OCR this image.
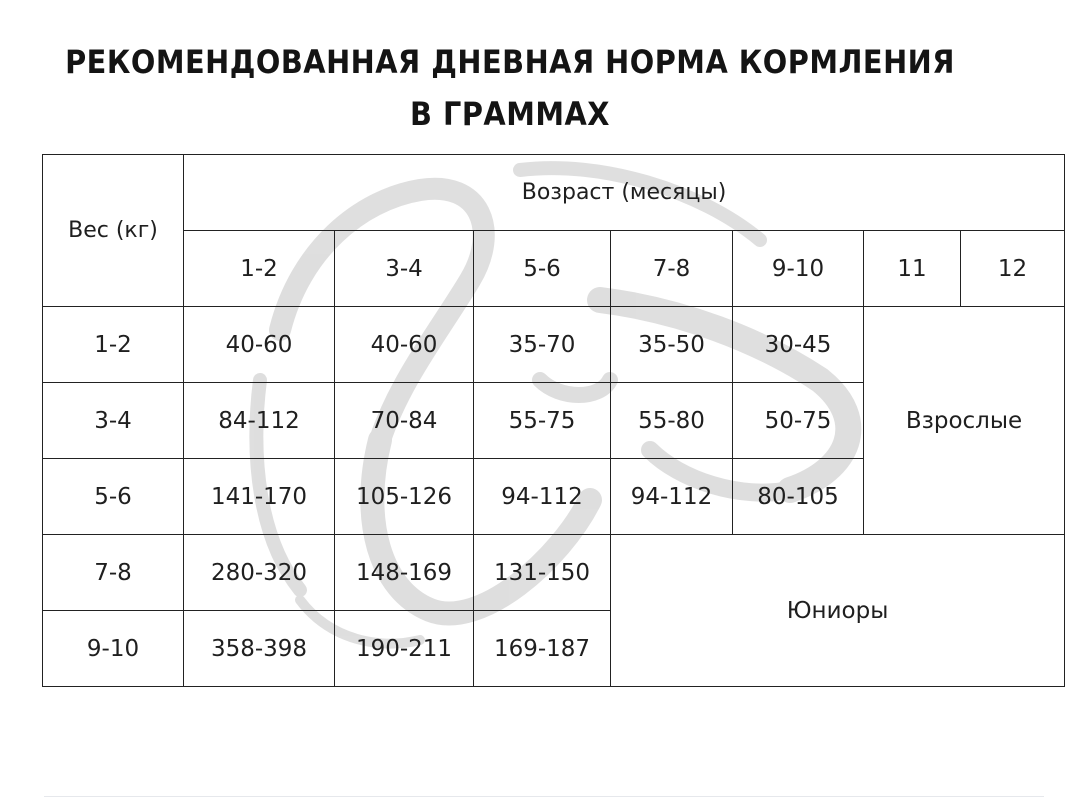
РЕКОМЕНДОВАННАЯ ДНЕВНАЯ НОРМА КОРМЛЕНИЯ
В ГРАММАХ
Вес (кг)	Возраст (месяцы)						
	1-2	3-4	5-6	7-8	9-10	11	12
1-2	40-60	40-60	35-70	35-50	30-45	Взрослые	
3-4	84-112	70-84	55-75	55-80	50-75		
5-6	141-170	105-126	94-112	94-112	80-105		
7-8	280-320	148-169	131-150	Юниоры			
9-10	358-398	190-211	169-187				
